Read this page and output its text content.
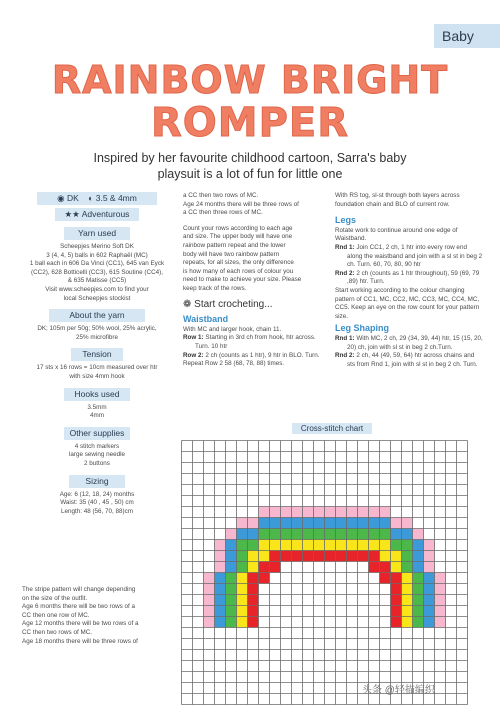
Baby
RAINBOW BRIGHT
ROMPER
Inspired by her favourite childhood cartoon, Sarra's baby
playsuit is a lot of fun for little one
◉ DK ◐ 3.5 & 4mm
★★ Adventurous
Yarn used
Scheepjes Merino Soft DK
3 (4, 4, 5) balls in 602 Raphaël (MC)
1 ball each in 606 Da Vinci (CC1), 645 van Eyck
(CC2), 628 Botticelli (CC3), 615 Soutine (CC4),
& 635 Matisse (CC5)
Visit www.scheepjes.com to find your
local Scheepjes stockist
About the yarn
DK; 105m per 50g; 50% wool, 25% acrylic,
25% microfibre
Tension
17 sts x 16 rows = 10cm measured over htr
with size 4mm hook
Hooks used
3.5mm
4mm
Other supplies
4 stitch markers
large sewing needle
2 buttons
Sizing
Age: 6 (12, 18, 24) months
Waist: 35 (40 , 45 , 50) cm
Length: 48 (56, 70, 88)cm
The stripe pattern will change depending
on the size of the outfit.
Age 6 months there will be two rows of a
CC then one row of MC.
Age 12 months there will be two rows of a
CC then two rows of MC.
Age 18 months there will be three rows of
a CC then two rows of MC.
Age 24 months there will be three rows of
a CC then three rows of MC.
Count your rows according to each age
and size. The upper body will have one
rainbow pattern repeat and the lower
body will have two rainbow pattern
repeats, for all sizes, the only difference
is how many of each rows of colour you
need to make to achieve your size. Please
keep track of the rows.
❁ Start crocheting...
Waistband
With MC and larger hook, chain 11.
Row 1: Starting in 3rd ch from hook, htr across. Turn. 10 htr
Row 2: 2 ch (counts as 1 htr), 9 htr in BLO. Turn.
Repeat Row 2 58 (68, 78, 88) times.
With RS tog, sl-st through both layers across
foundation chain and BLO of current row.
Legs
Rotate work to continue around one edge of Waistband.
Rnd 1: Join CC1, 2 ch, 1 htr into every row end along the waistband and join with a sl st in beg 2 ch. Turn. 60, 70, 80, 90 htr
Rnd 2: 2 ch (counts as 1 htr throughout), 59 (69, 79 ,89) htr. Turn.
Start working according to the colour changing pattern of CC1, MC, CC2, MC, CC3, MC, CC4, MC, CC5. Keep an eye on the row count for your pattern size.
Leg Shaping
Rnd 1: With MC, 2 ch, 29 (34, 39, 44) htr, 15 (15, 20, 20) ch, join with sl st in beg 2 ch.Turn.
Rnd 2: 2 ch, 44 (49, 59, 64) htr across chains and sts from Rnd 1, join with sl st in beg 2 ch. Turn.
Cross-stitch chart
头条 @轻描编织
